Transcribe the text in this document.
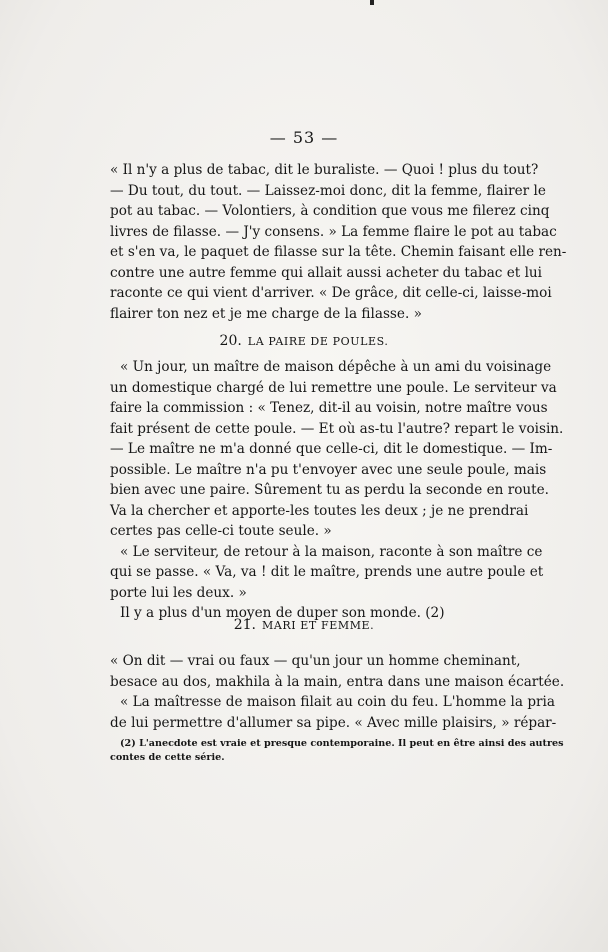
— 53 —
« Il n'y a plus de tabac, dit le buraliste. — Quoi ! plus du tout?
— Du tout, du tout. — Laissez-moi donc, dit la femme, flairer le
pot au tabac. — Volontiers, à condition que vous me filerez cinq
livres de filasse. — J'y consens. » La femme flaire le pot au tabac
et s'en va, le paquet de filasse sur la tête. Chemin faisant elle ren-
contre une autre femme qui allait aussi acheter du tabac et lui
raconte ce qui vient d'arriver. « De grâce, dit celle-ci, laisse-moi
flairer ton nez et je me charge de la filasse. »
20. LA PAIRE DE POULES.
« Un jour, un maître de maison dépêche à un ami du voisinage
un domestique chargé de lui remettre une poule. Le serviteur va
faire la commission : « Tenez, dit-il au voisin, notre maître vous
fait présent de cette poule. — Et où as-tu l'autre? repart le voisin.
— Le maître ne m'a donné que celle-ci, dit le domestique. — Im-
possible. Le maître n'a pu t'envoyer avec une seule poule, mais
bien avec une paire. Sûrement tu as perdu la seconde en route.
Va la chercher et apporte-les toutes les deux ; je ne prendrai
certes pas celle-ci toute seule. »
« Le serviteur, de retour à la maison, raconte à son maître ce
qui se passe. « Va, va ! dit le maître, prends une autre poule et
porte lui les deux. »
Il y a plus d'un moyen de duper son monde. (2)
21. MARI ET FEMME.
« On dit — vrai ou faux — qu'un jour un homme cheminant,
besace au dos, makhila à la main, entra dans une maison écartée.
« La maîtresse de maison filait au coin du feu. L'homme la pria
de lui permettre d'allumer sa pipe. « Avec mille plaisirs, » répar-
(2) L'anecdote est vraie et presque contemporaine. Il peut en être ainsi des autres
contes de cette série.
